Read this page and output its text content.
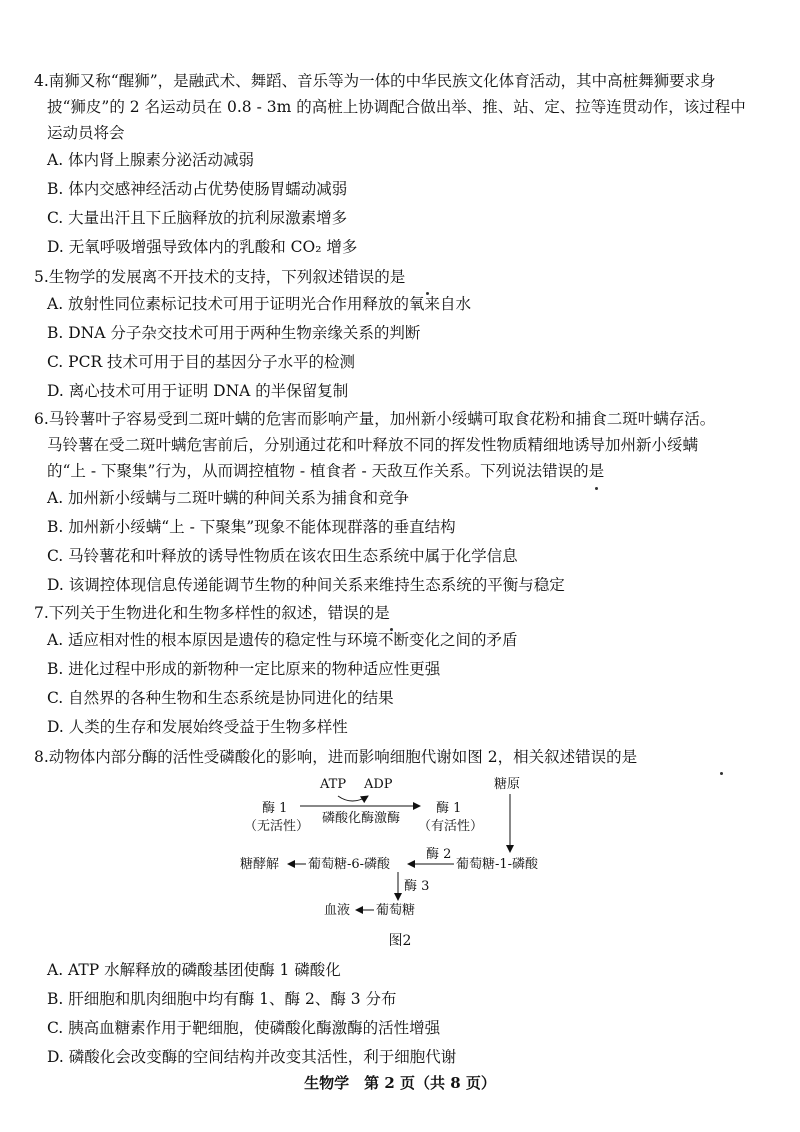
4.南狮又称“醒狮”，是融武术、舞蹈、音乐等为一体的中华民族文化体育活动，其中高桩舞狮要求身
披“狮皮”的 2 名运动员在 0.8 - 3m 的高桩上协调配合做出举、推、站、定、拉等连贯动作，该过程中
运动员将会

A. 体内肾上腺素分泌活动减弱

B. 体内交感神经活动占优势使肠胃蠕动减弱

C. 大量出汗且下丘脑释放的抗利尿激素增多

D. 无氧呼吸增强导致体内的乳酸和 CO₂ 增多

5.生物学的发展离不开技术的支持，下列叙述错误的是

A. 放射性同位素标记技术可用于证明光合作用释放的氧来自水

B. DNA 分子杂交技术可用于两种生物亲缘关系的判断

C. PCR 技术可用于目的基因分子水平的检测

D. 离心技术可用于证明 DNA 的半保留复制

6.马铃薯叶子容易受到二斑叶螨的危害而影响产量，加州新小绥螨可取食花粉和捕食二斑叶螨存活。
马铃薯在受二斑叶螨危害前后，分别通过花和叶释放不同的挥发性物质精细地诱导加州新小绥螨
的“上 - 下聚集”行为，从而调控植物 - 植食者 - 天敌互作关系。下列说法错误的是

A. 加州新小绥螨与二斑叶螨的种间关系为捕食和竞争

B. 加州新小绥螨“上 - 下聚集”现象不能体现群落的垂直结构

C. 马铃薯花和叶释放的诱导性物质在该农田生态系统中属于化学信息

D. 该调控体现信息传递能调节生物的种间关系来维持生态系统的平衡与稳定

7.下列关于生物进化和生物多样性的叙述，错误的是

A. 适应相对性的根本原因是遗传的稳定性与环境不断变化之间的矛盾

B. 进化过程中形成的新物种一定比原来的物种适应性更强

C. 自然界的各种生物和生态系统是协同进化的结果

D. 人类的生存和发展始终受益于生物多样性

8.动物体内部分酶的活性受磷酸化的影响，进而影响细胞代谢如图 2，相关叙述错误的是

ATP ADP	糖原
酶 1
（无活性）
磷酸化酶激酶
酶 1
（有活性）
糖酵解 葡萄糖-6-磷酸
酶 2
葡萄糖-1-磷酸
酶 3
血液 葡萄糖
图2

A. ATP 水解释放的磷酸基团使酶 1 磷酸化

B. 肝细胞和肌肉细胞中均有酶 1、酶 2、酶 3 分布

C. 胰高血糖素作用于靶细胞，使磷酸化酶激酶的活性增强

D. 磷酸化会改变酶的空间结构并改变其活性，利于细胞代谢

生物学　第 2 页（共 8 页）
